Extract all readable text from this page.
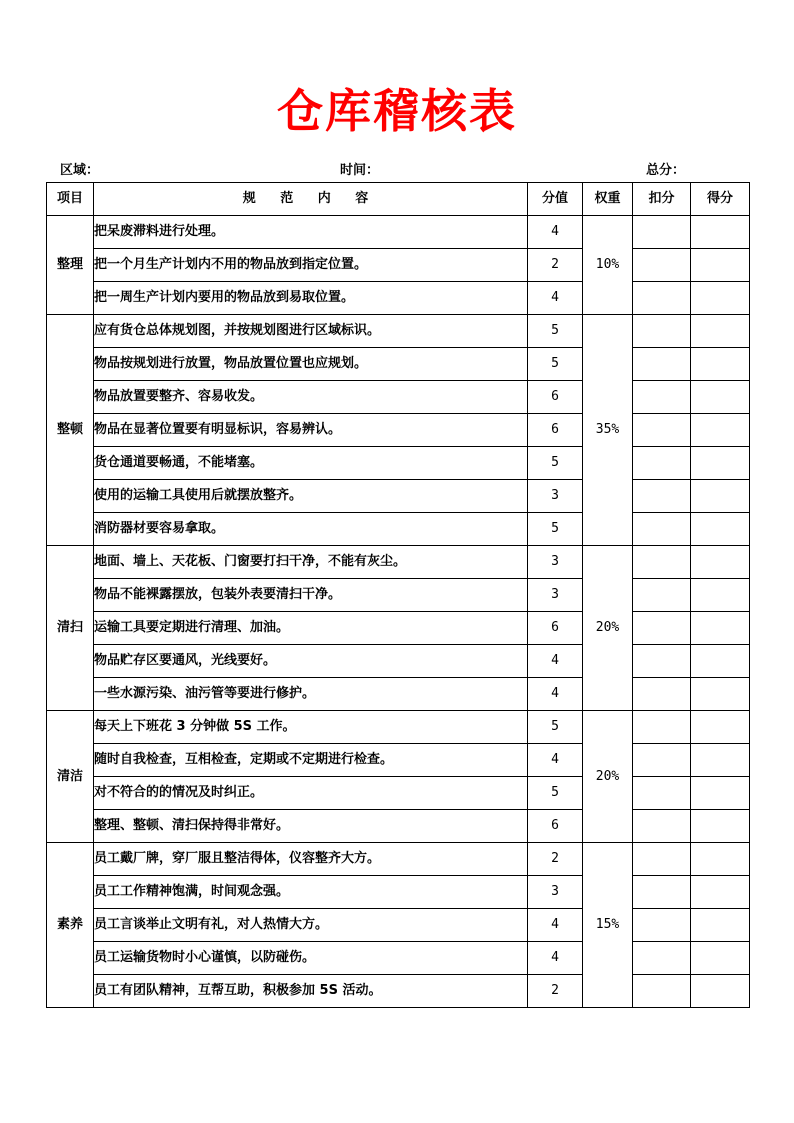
仓库稽核表
区域：	时间：	总分：
项目	规 范 内 容	分值	权重	扣分	得分
整理	把呆废滞料进行处理。	4	10%		
	把一个月生产计划内不用的物品放到指定位置。	2			
	把一周生产计划内要用的物品放到易取位置。	4			
整顿	应有货仓总体规划图，并按规划图进行区域标识。	5	35%		
	物品按规划进行放置，物品放置位置也应规划。	5			
	物品放置要整齐、容易收发。	6			
	物品在显著位置要有明显标识，容易辨认。	6			
	货仓通道要畅通，不能堵塞。	5			
	使用的运输工具使用后就摆放整齐。	3			
	消防器材要容易拿取。	5			
清扫	地面、墙上、天花板、门窗要打扫干净，不能有灰尘。	3	20%		
	物品不能裸露摆放，包装外表要清扫干净。	3			
	运输工具要定期进行清理、加油。	6			
	物品贮存区要通风，光线要好。	4			
	一些水源污染、油污管等要进行修护。	4			
清洁	每天上下班花 3 分钟做 5S 工作。	5	20%		
	随时自我检查，互相检查，定期或不定期进行检查。	4			
	对不符合的的情况及时纠正。	5			
	整理、整顿、清扫保持得非常好。	6			
素养	员工戴厂牌，穿厂服且整洁得体，仪容整齐大方。	2	15%		
	员工工作精神饱满，时间观念强。	3			
	员工言谈举止文明有礼，对人热情大方。	4			
	员工运输货物时小心谨慎，以防碰伤。	4			
	员工有团队精神，互帮互助，积极参加 5S 活动。	2			
